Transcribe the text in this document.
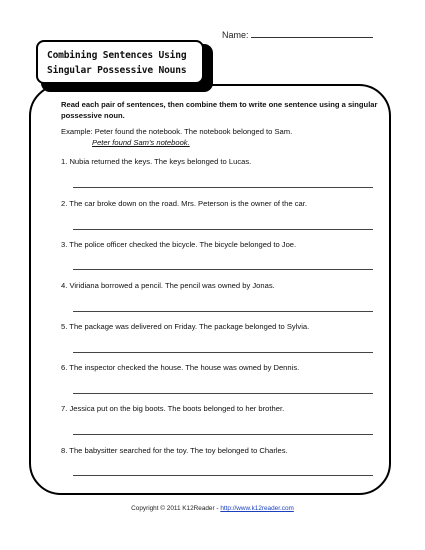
Name:
Combining Sentences Using
Singular Possessive Nouns
Read each pair of sentences, then combine them to write one sentence using a singular possessive noun.
Example: Peter found the notebook. The notebook belonged to Sam.
Peter found Sam's notebook.
1. Nubia returned the keys. The keys belonged to Lucas.
2. The car broke down on the road. Mrs. Peterson is the owner of the car.
3. The police officer checked the bicycle. The bicycle belonged to Joe.
4. Viridiana borrowed a pencil. The pencil was owned by Jonas.
5. The package was delivered on Friday. The package belonged to Sylvia.
6. The inspector checked the house. The house was owned by Dennis.
7. Jessica put on the big boots. The boots belonged to her brother.
8. The babysitter searched for the toy. The toy belonged to Charles.
Copyright © 2011 K12Reader - http://www.k12reader.com
